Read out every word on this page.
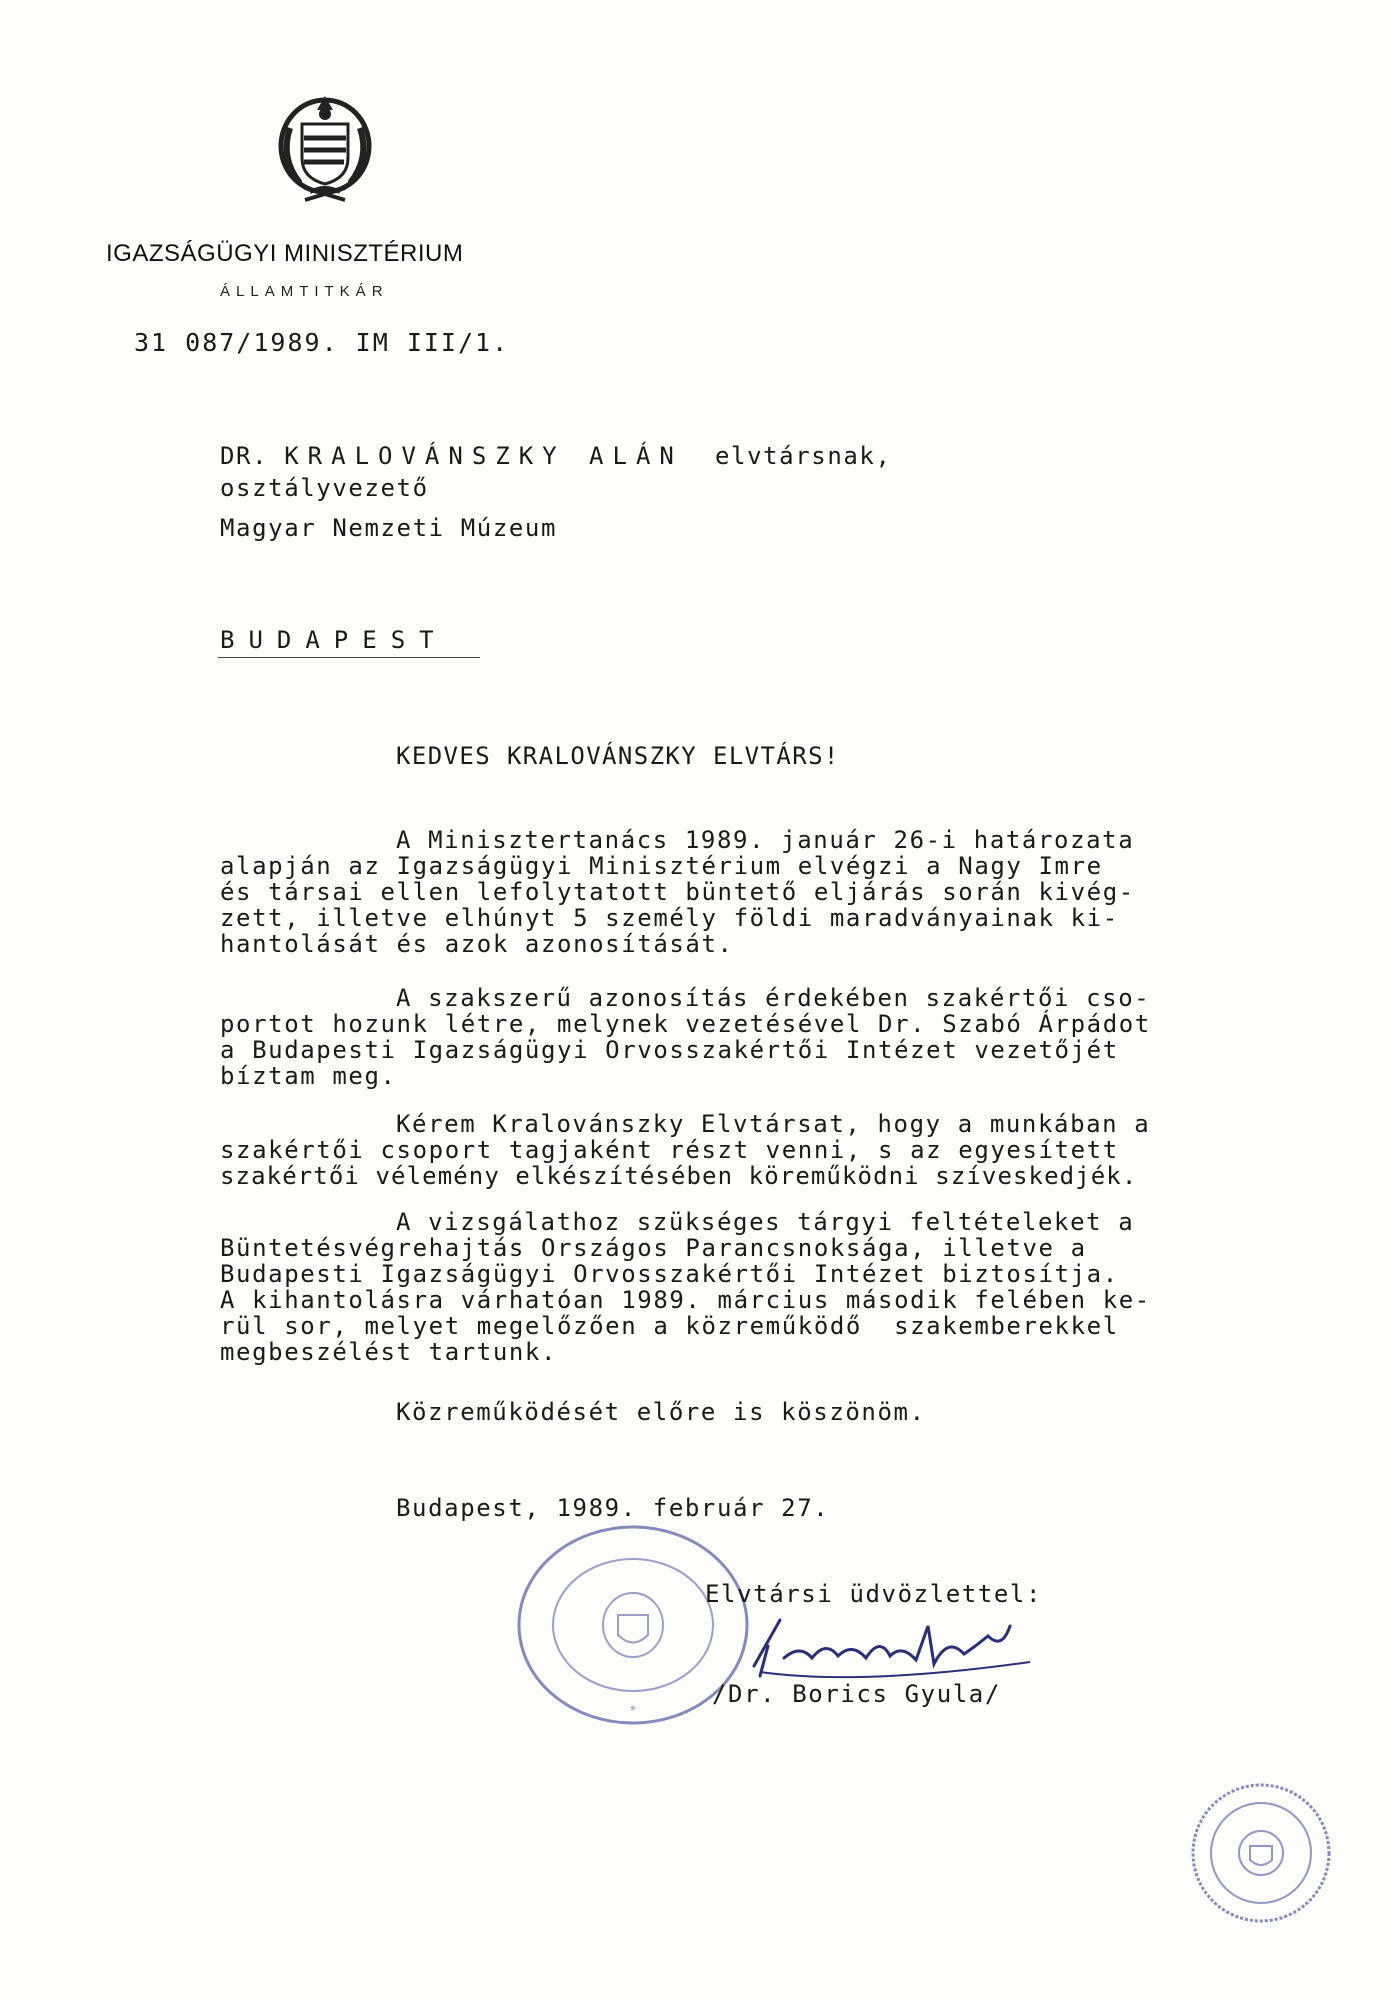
IGAZSÁGÜGYI MINISZTÉRIUM
ÁLLAMTITKÁR
31 087/1989. IM III/1.
DR. KRALOVÁNSZKY ALÁN elvtársnak,
osztályvezető
Magyar Nemzeti Múzeum
BUDAPEST
KEDVES KRALOVÁNSZKY ELVTÁRS!
A Minisztertanács 1989. január 26-i határozata
alapján az Igazságügyi Minisztérium elvégzi a Nagy Imre
és társai ellen lefolytatott büntető eljárás során kivég-
zett, illetve elhúnyt 5 személy földi maradványainak ki-
hantolását és azok azonosítását.
A szakszerű azonosítás érdekében szakértői cso-
portot hozunk létre, melynek vezetésével Dr. Szabó Árpádot
a Budapesti Igazságügyi Orvosszakértői Intézet vezetőjét
bíztam meg.
Kérem Kralovánszky Elvtársat, hogy a munkában a
szakértői csoport tagjaként részt venni, s az egyesített
szakértői vélemény elkészítésében köreműködni szíveskedjék.
A vizsgálathoz szükséges tárgyi feltételeket a
Büntetésvégrehajtás Országos Parancsnoksága, illetve a
Budapesti Igazságügyi Orvosszakértői Intézet biztosítja.
A kihantolásra várhatóan 1989. március második felében ke-
rül sor, melyet megelőzően a közreműködő  szakemberekkel
megbeszélést tartunk.
Közreműködését előre is köszönöm.
Budapest, 1989. február 27.
*
Elvtársi üdvözlettel:
/Dr. Borics Gyula/
